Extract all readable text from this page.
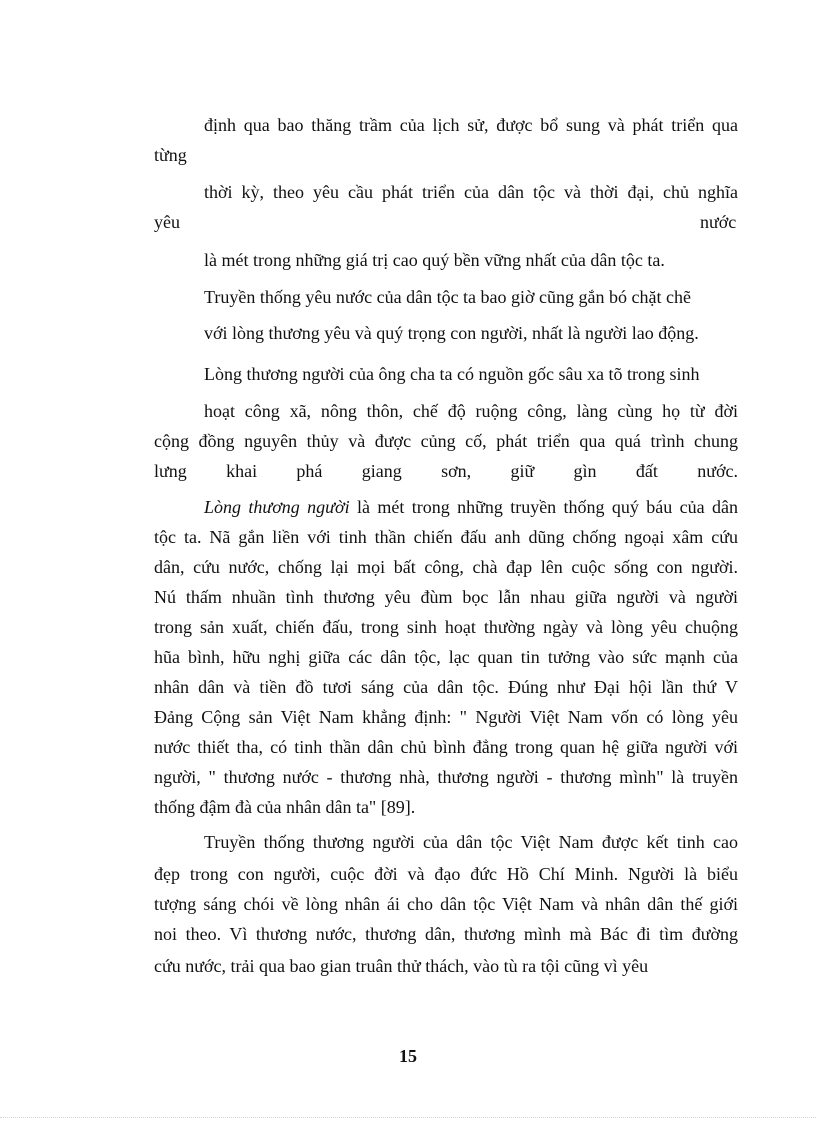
định qua bao thăng trầm của lịch sử, được bổ sung và phát triển qua
từng
thời kỳ, theo yêu cầu phát triển của dân tộc và thời đại, chủ nghĩa
yêu	nước
là mét trong những giá trị cao quý bền vững nhất của dân tộc ta.
Truyền thống yêu nước của dân tộc ta bao giờ cũng gắn bó chặt chẽ
với lòng thương yêu và quý trọng con người, nhất là người lao động.
Lòng thương người của ông cha ta có nguồn gốc sâu xa tõ trong sinh
hoạt công xã, nông thôn, chế độ ruộng công, làng cùng họ từ đời
cộng đồng nguyên thủy và được củng cố, phát triển qua quá trình chung
lưng khai phá giang sơn, giữ gìn đất nước.
Lòng thương người là mét trong những truyền thống quý báu của dân
tộc ta. Nã gắn liền với tinh thần chiến đấu anh dũng chống ngoại xâm cứu
dân, cứu nước, chống lại mọi bất công, chà đạp lên cuộc sống con người.
Nú thấm nhuần tình thương yêu đùm bọc lẫn nhau giữa người và người
trong sản xuất, chiến đấu, trong sinh hoạt thường ngày và lòng yêu chuộng
hũa bình, hữu nghị giữa các dân tộc, lạc quan tin tưởng vào sức mạnh của
nhân dân và tiền đồ tươi sáng của dân tộc. Đúng như Đại hội lần thứ V
Đảng Cộng sản Việt Nam khẳng định: " Người Việt Nam vốn có lòng yêu
nước thiết tha, có tinh thần dân chủ bình đẳng trong quan hệ giữa người với
người, " thương nước - thương nhà, thương người - thương mình" là truyền
thống đậm đà của nhân dân ta" [89].
Truyền thống thương người của dân tộc Việt Nam được kết tinh cao
đẹp trong con người, cuộc đời và đạo đức Hồ Chí Minh. Người là biểu
tượng sáng chói về lòng nhân ái cho dân tộc Việt Nam và nhân dân thế giới
noi theo. Vì thương nước, thương dân, thương mình mà Bác đi tìm đường
cứu nước, trải qua bao gian truân thử thách, vào tù ra tội cũng vì yêu
15
